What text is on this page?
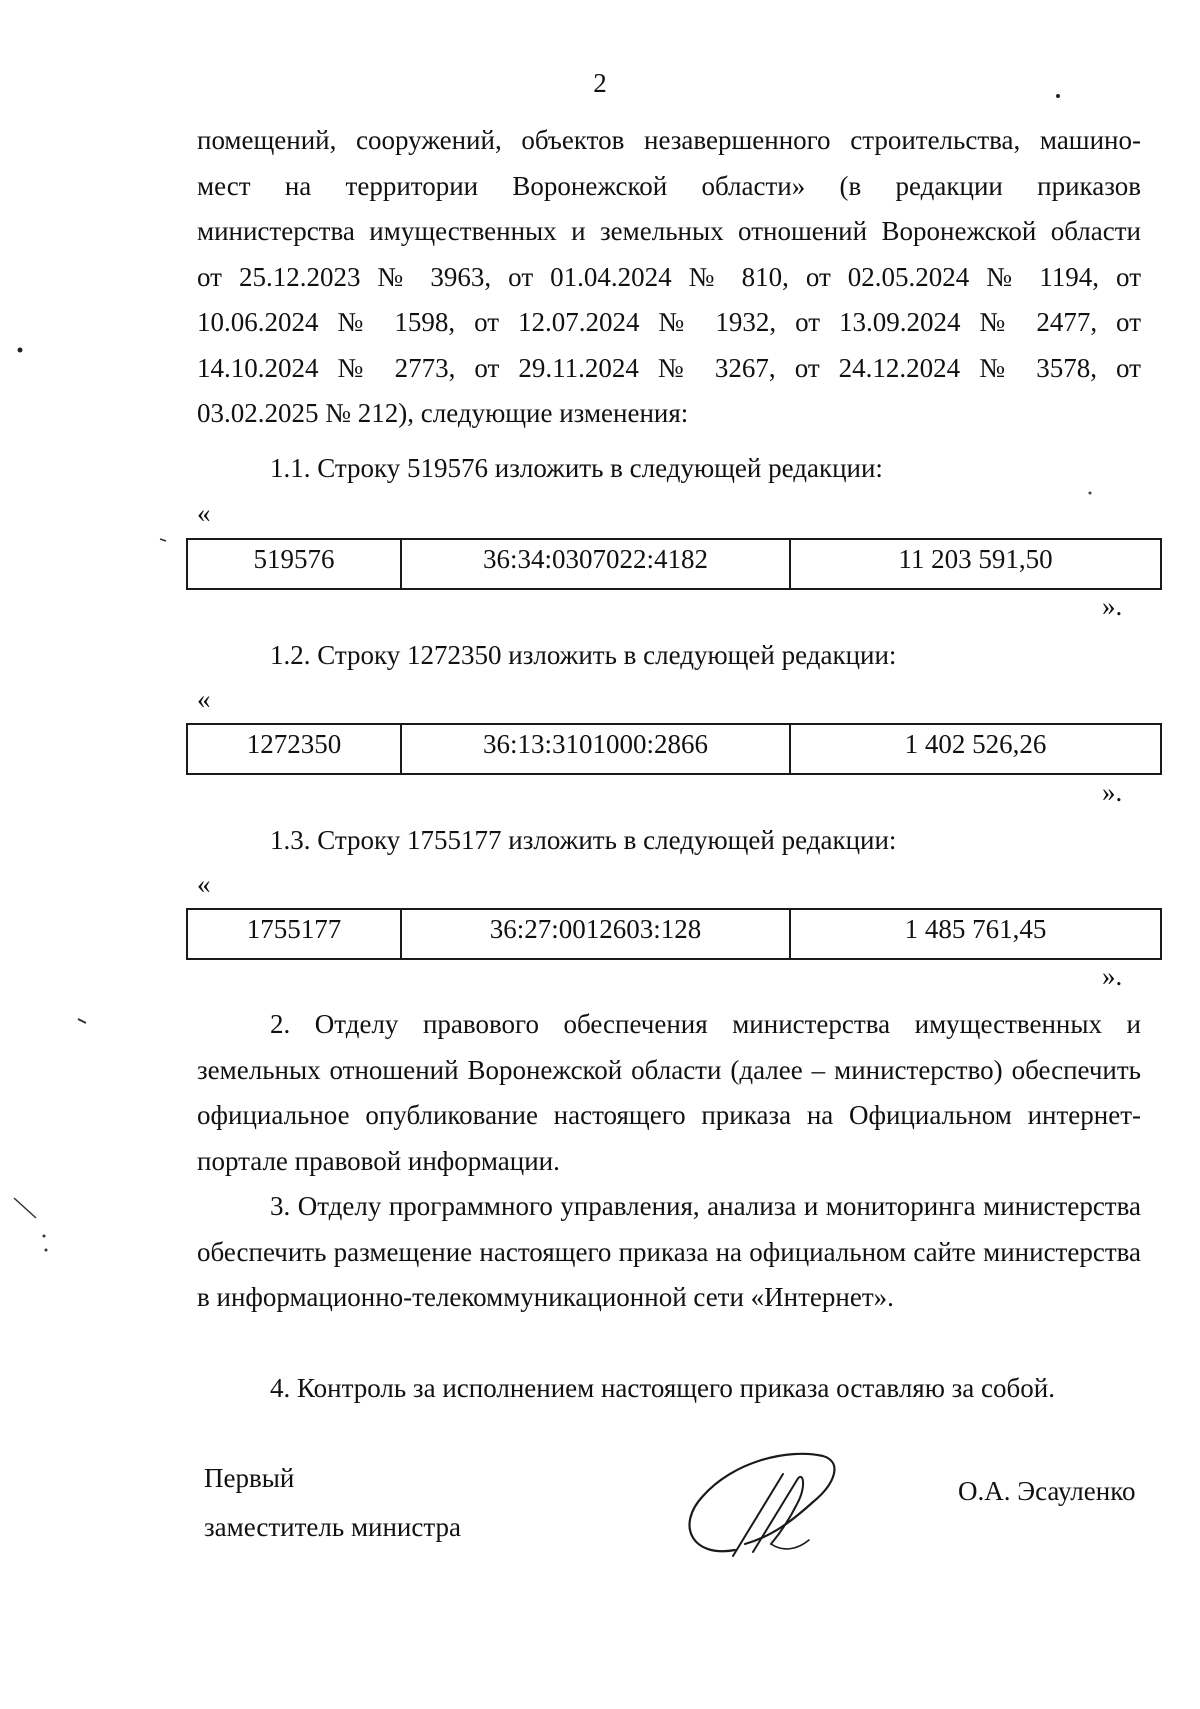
2
помещений, сооружений, объектов незавершенного строительства, машино-
мест на территории Воронежской области» (в редакции приказов
министерства имущественных и земельных отношений Воронежской области
от 25.12.2023 № 3963, от 01.04.2024 № 810, от 02.05.2024 № 1194, от
10.06.2024 № 1598, от 12.07.2024 № 1932, от 13.09.2024 № 2477, от
14.10.2024 № 2773, от 29.11.2024 № 3267, от 24.12.2024 № 3578, от
03.02.2025 № 212), следующие изменения:
1.1. Строку 519576 изложить в следующей редакции:
«
519576	36:34:0307022:4182	11 203 591,50
».
1.2. Строку 1272350 изложить в следующей редакции:
«
1272350	36:13:3101000:2866	1 402 526,26
».
1.3. Строку 1755177 изложить в следующей редакции:
«
1755177	36:27:0012603:128	1 485 761,45
».
2. Отделу правового обеспечения министерства имущественных и земельных отношений Воронежской области (далее – министерство) обеспечить официальное опубликование настоящего приказа на Официальном интернет-портале правовой информации.
3. Отделу программного управления, анализа и мониторинга министерства обеспечить размещение настоящего приказа на официальном сайте министерства в информационно-телекоммуникационной сети «Интернет».
4. Контроль за исполнением настоящего приказа оставляю за собой.
Первый
заместитель министра
О.А. Эсауленко
